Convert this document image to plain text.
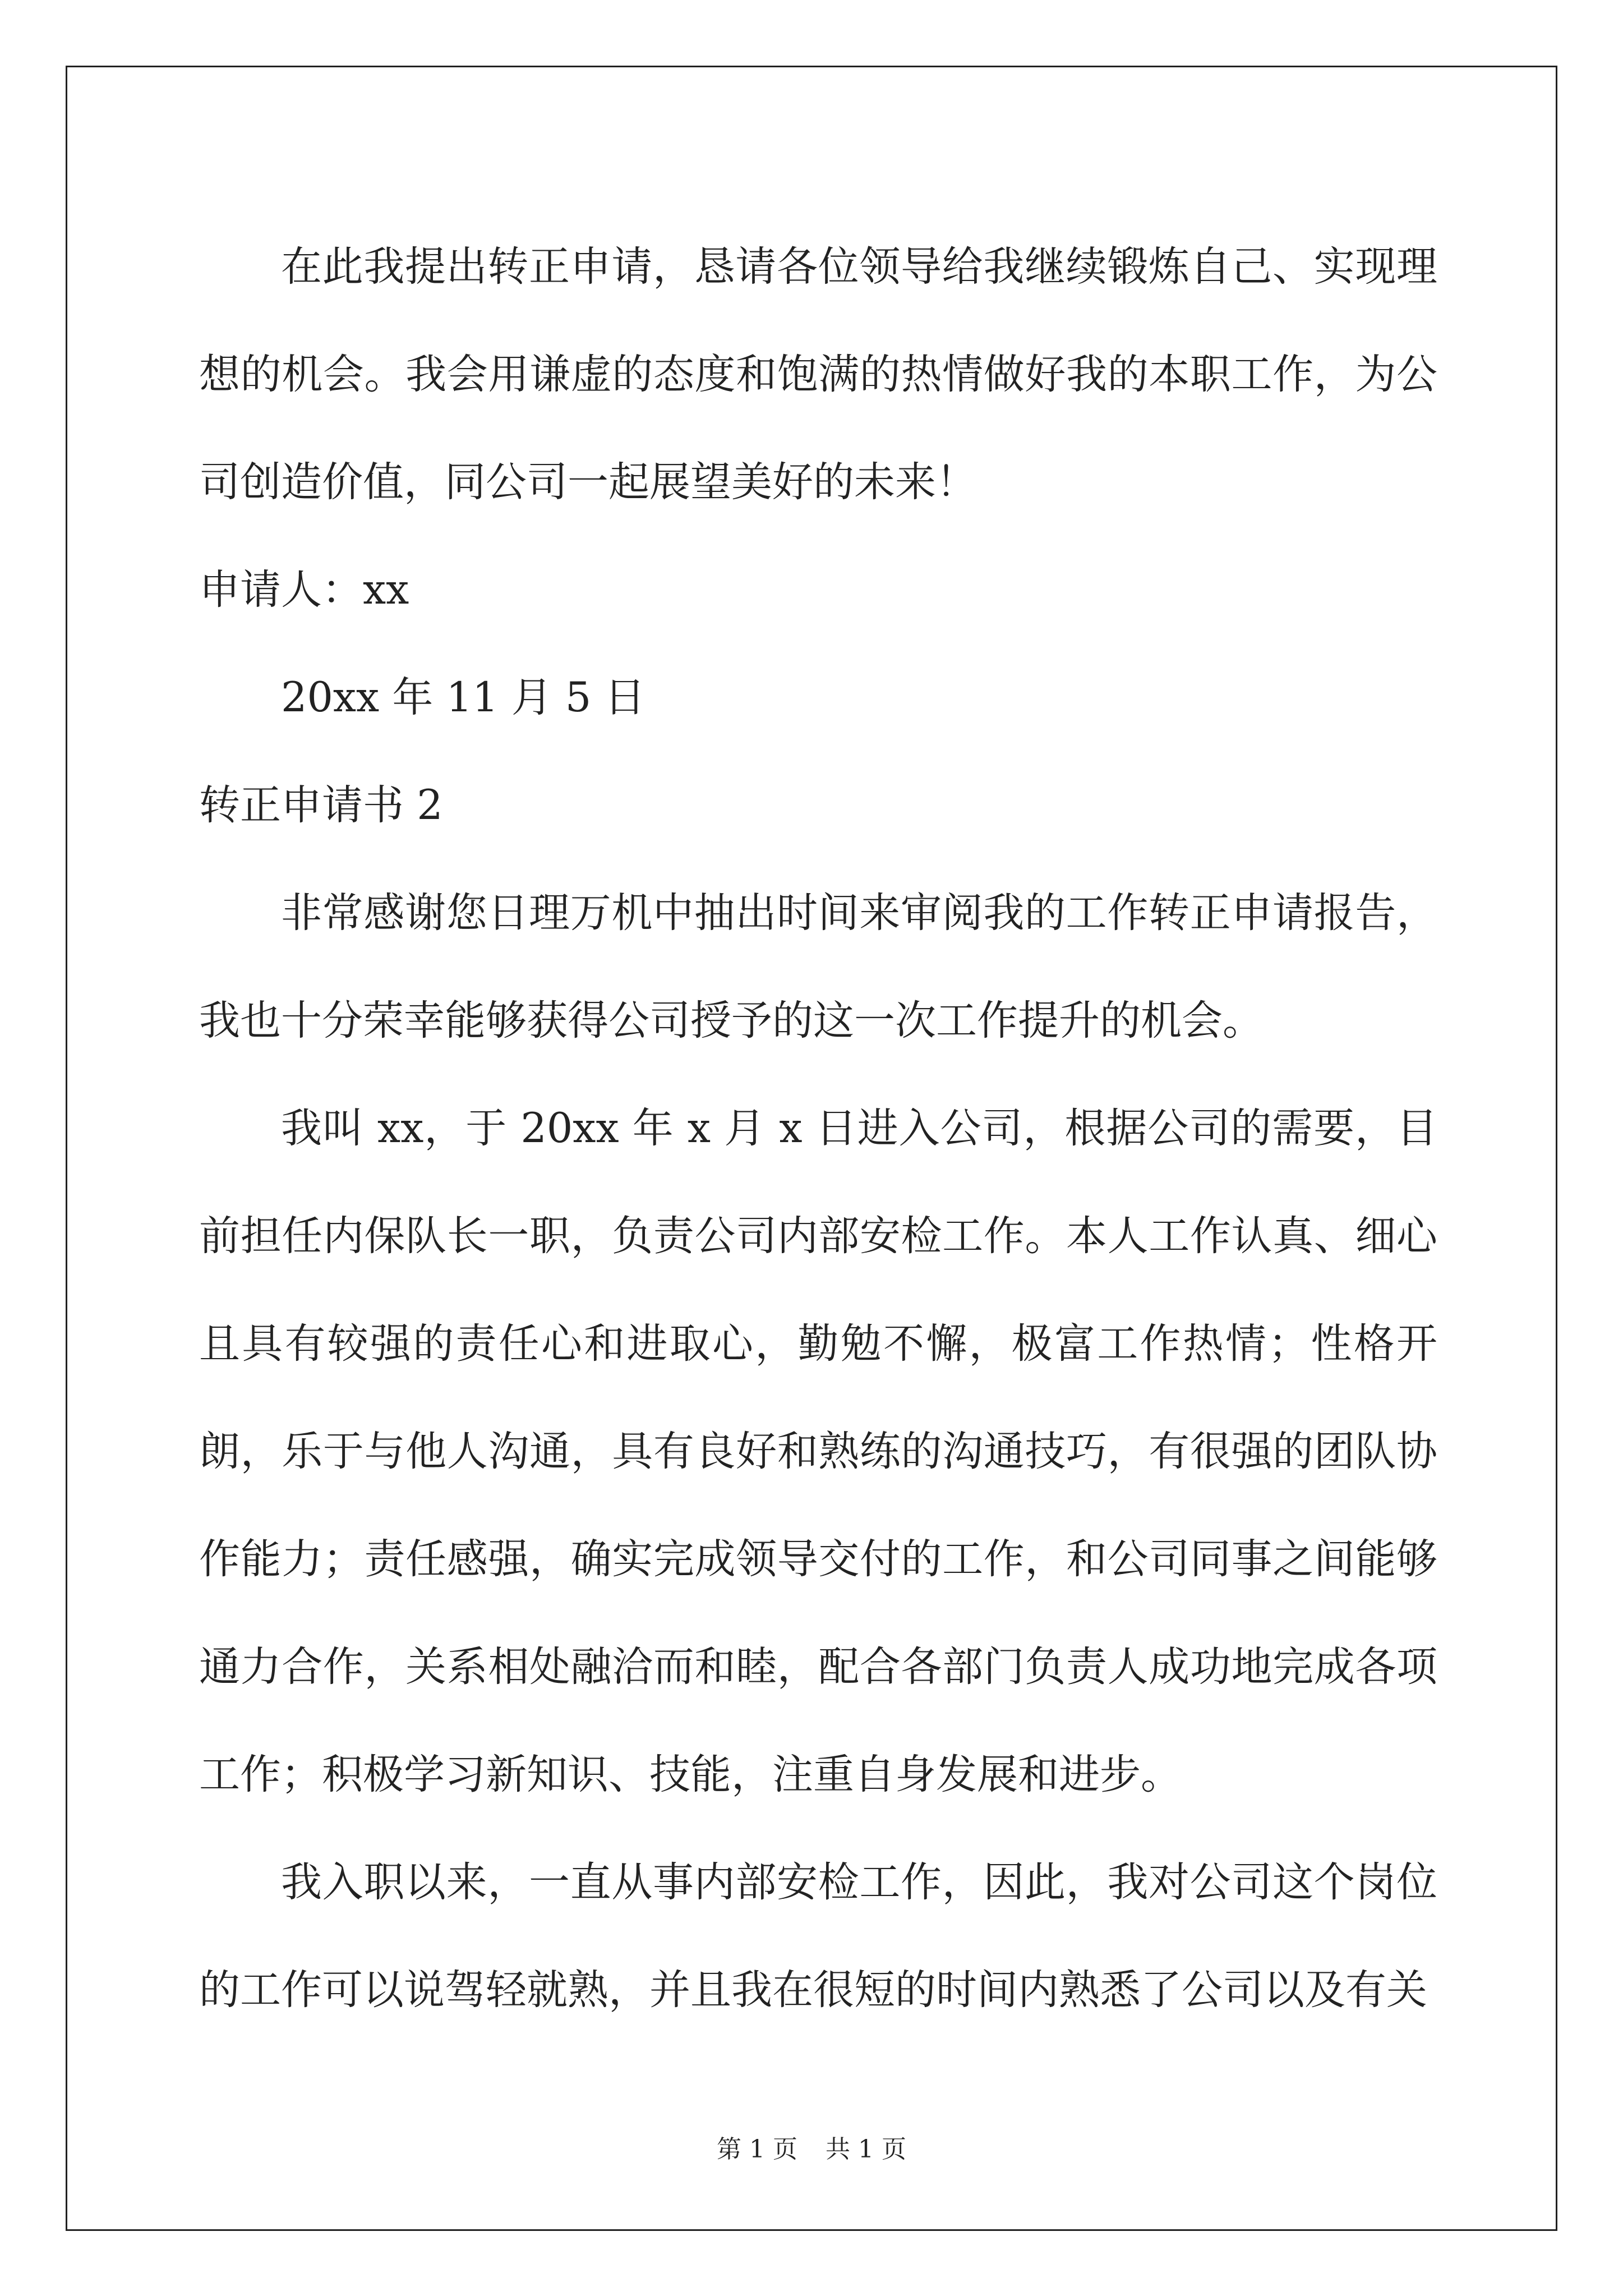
在此我提出转正申请，恳请各位领导给我继续锻炼自己、实现理想的机会。我会用谦虚的态度和饱满的热情做好我的本职工作，为公司创造价值，同公司一起展望美好的未来！

申请人：xx

20xx 年 11 月 5 日

转正申请书 2

非常感谢您日理万机中抽出时间来审阅我的工作转正申请报告，我也十分荣幸能够获得公司授予的这一次工作提升的机会。

我叫 xx，于 20xx 年 x 月 x 日进入公司，根据公司的需要，目前担任内保队长一职，负责公司内部安检工作。本人工作认真、细心且具有较强的责任心和进取心，勤勉不懈，极富工作热情；性格开朗，乐于与他人沟通，具有良好和熟练的沟通技巧，有很强的团队协作能力；责任感强，确实完成领导交付的工作，和公司同事之间能够通力合作，关系相处融洽而和睦，配合各部门负责人成功地完成各项工作；积极学习新知识、技能，注重自身发展和进步。

我入职以来，一直从事内部安检工作，因此，我对公司这个岗位的工作可以说驾轻就熟，并且我在很短的时间内熟悉了公司以及有关

第 1 页 共 1 页
